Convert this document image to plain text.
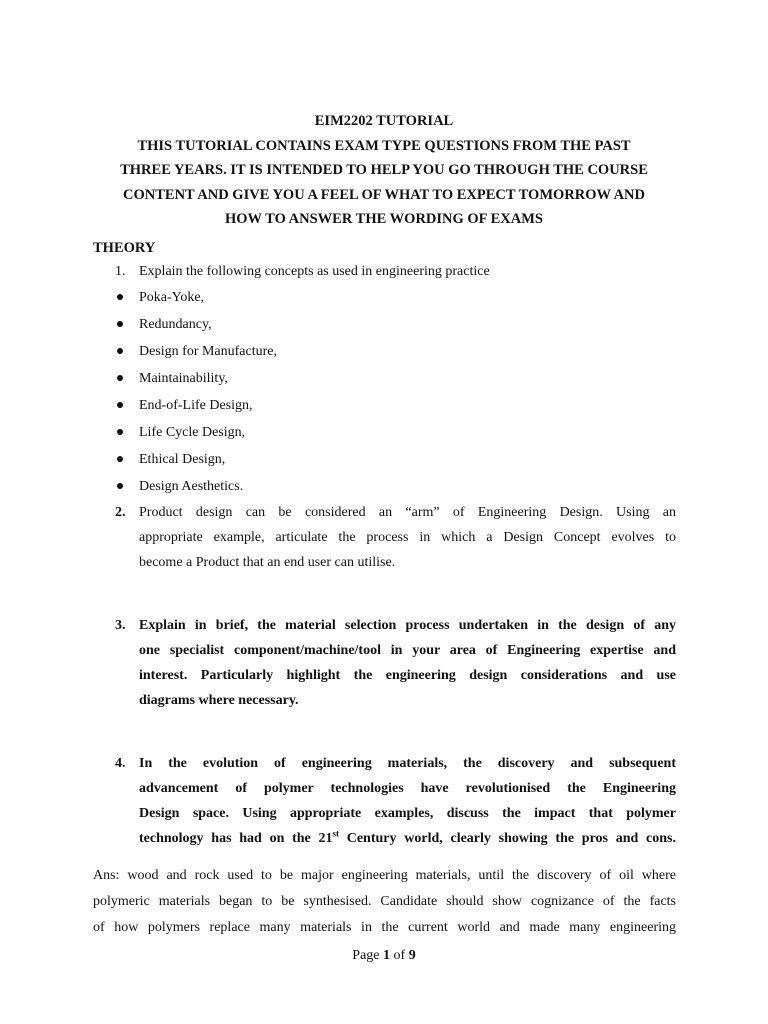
EIM2202 TUTORIAL
THIS TUTORIAL CONTAINS EXAM TYPE QUESTIONS FROM THE PAST
THREE YEARS. IT IS INTENDED TO HELP YOU GO THROUGH THE COURSE
CONTENT AND GIVE YOU A FEEL OF WHAT TO EXPECT TOMORROW AND
HOW TO ANSWER THE WORDING OF EXAMS
THEORY
1. Explain the following concepts as used in engineering practice
Poka-Yoke,
Redundancy,
Design for Manufacture,
Maintainability,
End-of-Life Design,
Life Cycle Design,
Ethical Design,
Design Aesthetics.
2. Product design can be considered an “arm” of Engineering Design. Using an
appropriate example, articulate the process in which a Design Concept evolves to
become a Product that an end user can utilise.
3. Explain in brief, the material selection process undertaken in the design of any
one specialist component/machine/tool in your area of Engineering expertise and
interest. Particularly highlight the engineering design considerations and use
diagrams where necessary.
4. In the evolution of engineering materials, the discovery and subsequent
advancement of polymer technologies have revolutionised the Engineering
Design space. Using appropriate examples, discuss the impact that polymer
technology has had on the 21st Century world, clearly showing the pros and cons.
Ans: wood and rock used to be major engineering materials, until the discovery of oil where
polymeric materials began to be synthesised. Candidate should show cognizance of the facts
of how polymers replace many materials in the current world and made many engineering
Page 1 of 9
